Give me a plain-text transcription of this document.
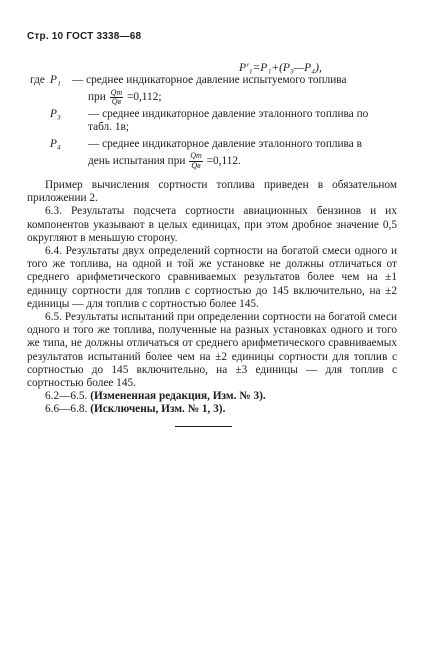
Стр. 10 ГОСТ 3338—68
P′₁=P₁+(P₃—P₄),
где P₁ — среднее индикаторное давление испытуемого топлива
при $\frac{Qт}{Qв} =0,112$;
P₃	— среднее индикаторное давление эталонного топлива по
табл. 1в;
P₄	— среднее индикаторное давление эталонного топлива в
день испытания при $\frac{Qт}{Qв} =0,112$.

Пример вычисления сортности топлива приведен в обязательном приложении 2.

6.3. Результаты подсчета сортности авиационных бензинов и их компонентов указывают в целых единицах, при этом дробное значение 0,5 округляют в меньшую сторону.

6.4. Результаты двух определений сортности на богатой смеси одного и того же топлива, на одной и той же установке не должны отличаться от среднего арифметического сравниваемых результатов более чем на ±1 единицу сортности для топлив с сортностью до 145 включительно, на ±2 единицы — для топлив с сортностью более 145.

6.5. Результаты испытаний при определении сортности на богатой смеси одного и того же топлива, полученные на разных установках одного и того же типа, не должны отличаться от среднего арифметического сравниваемых результатов испытаний более чем на ±2 единицы сортности для топлив с сортностью до 145 включительно, на ±3 единицы — для топлив с сортностью более 145.

6.2—6.5. (Измененная редакция, Изм. № 3).

6.6—6.8. (Исключены, Изм. № 1, 3).
